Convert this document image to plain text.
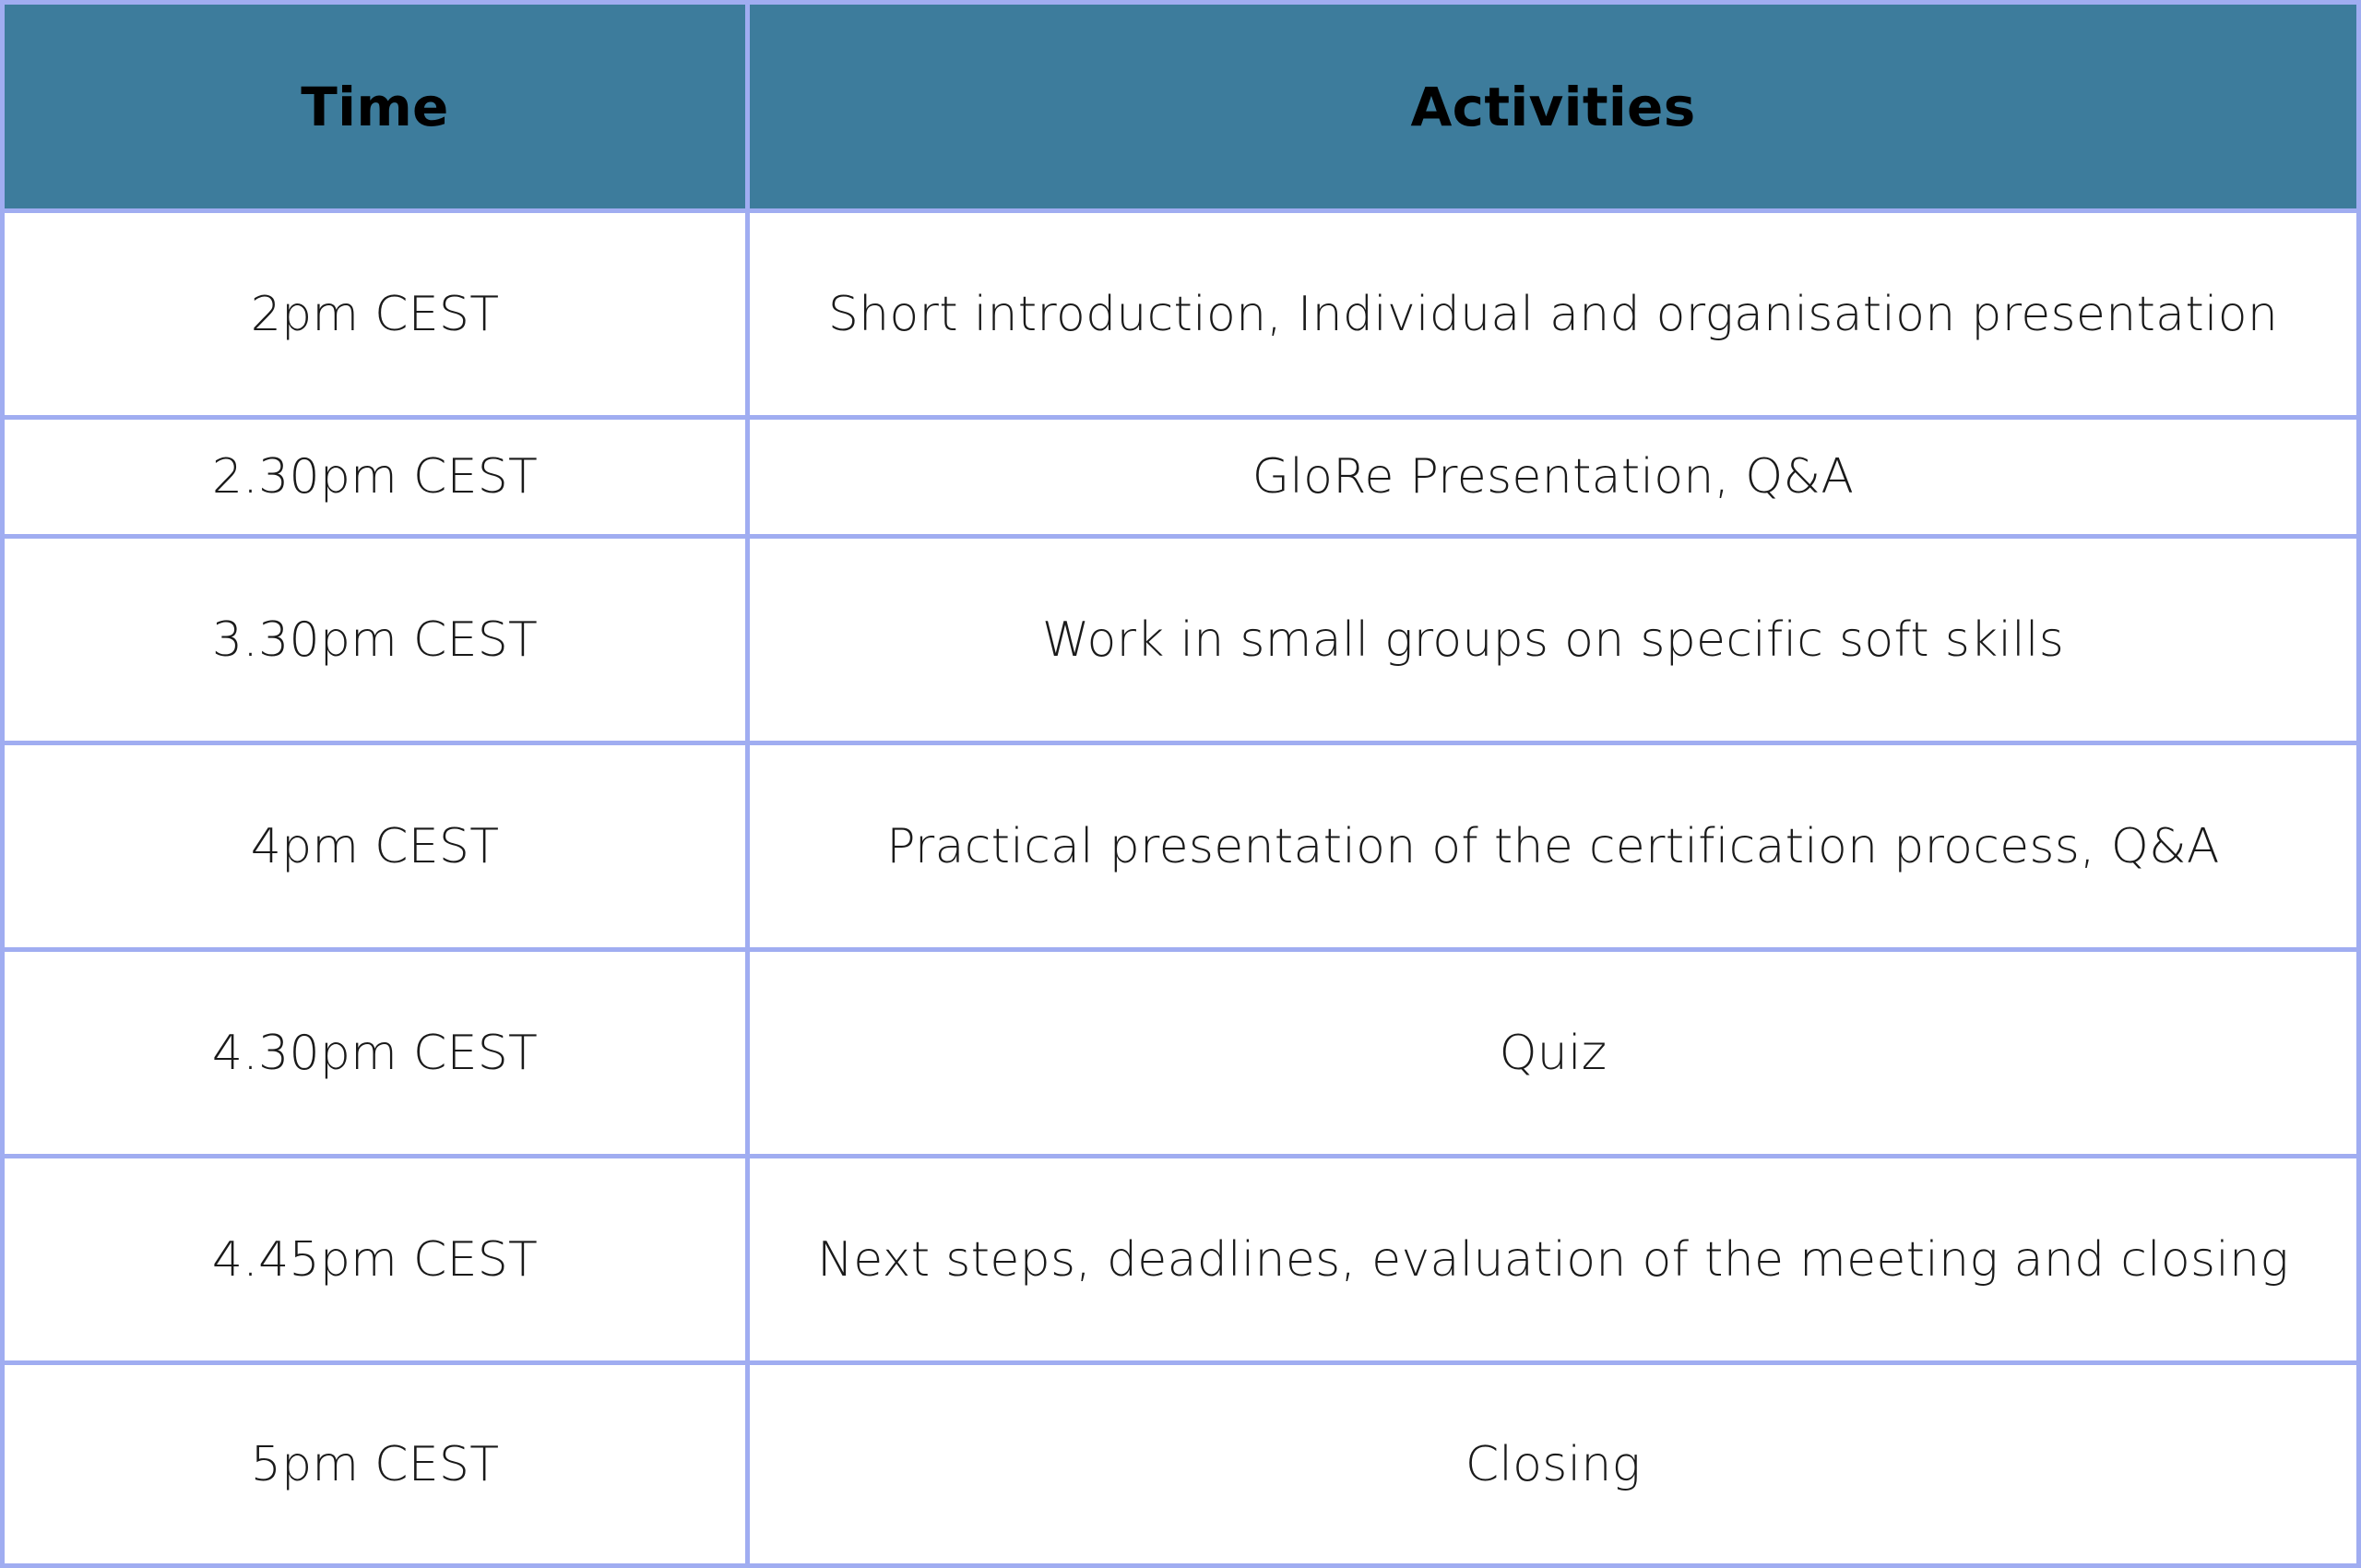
Time	Activities
2pm CEST	Short introduction, Individual and organisation presentation
2.30pm CEST	GloRe Presentation, Q&A
3.30pm CEST	Work in small groups on specific soft skills
4pm CEST	Practical presentation of the certification process, Q&A
4.30pm CEST	Quiz
4.45pm CEST	Next steps, deadlines, evaluation of the meeting and closing
5pm CEST	Closing
